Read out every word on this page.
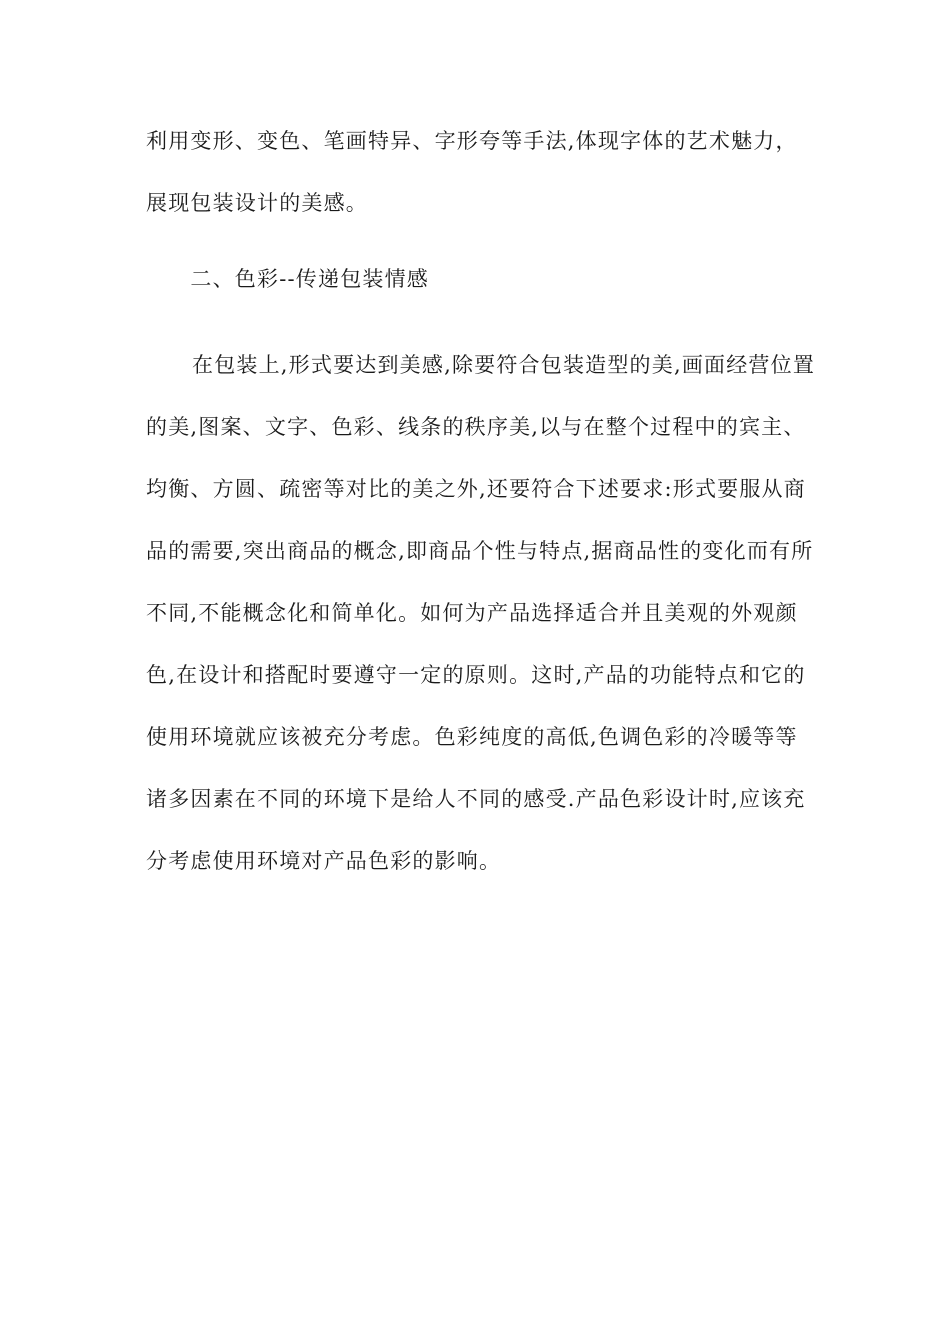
利用变形、变色、笔画特异、字形夸等手法,体现字体的艺术魅力，展现包装设计的美感。
　　二、色彩--传递包装情感
在包装上,形式要达到美感,除要符合包装造型的美,画面经营位置的美,图案、文字、色彩、线条的秩序美,以与在整个过程中的宾主、均衡、方圆、疏密等对比的美之外,还要符合下述要求:形式要服从商品的需要,突出商品的概念,即商品个性与特点,据商品性的变化而有所不同,不能概念化和简单化。如何为产品选择适合并且美观的外观颜色,在设计和搭配时要遵守一定的原则。这时,产品的功能特点和它的使用环境就应该被充分考虑。色彩纯度的高低,色调色彩的冷暖等等诸多因素在不同的环境下是给人不同的感受.产品色彩设计时,应该充分考虑使用环境对产品色彩的影响。
